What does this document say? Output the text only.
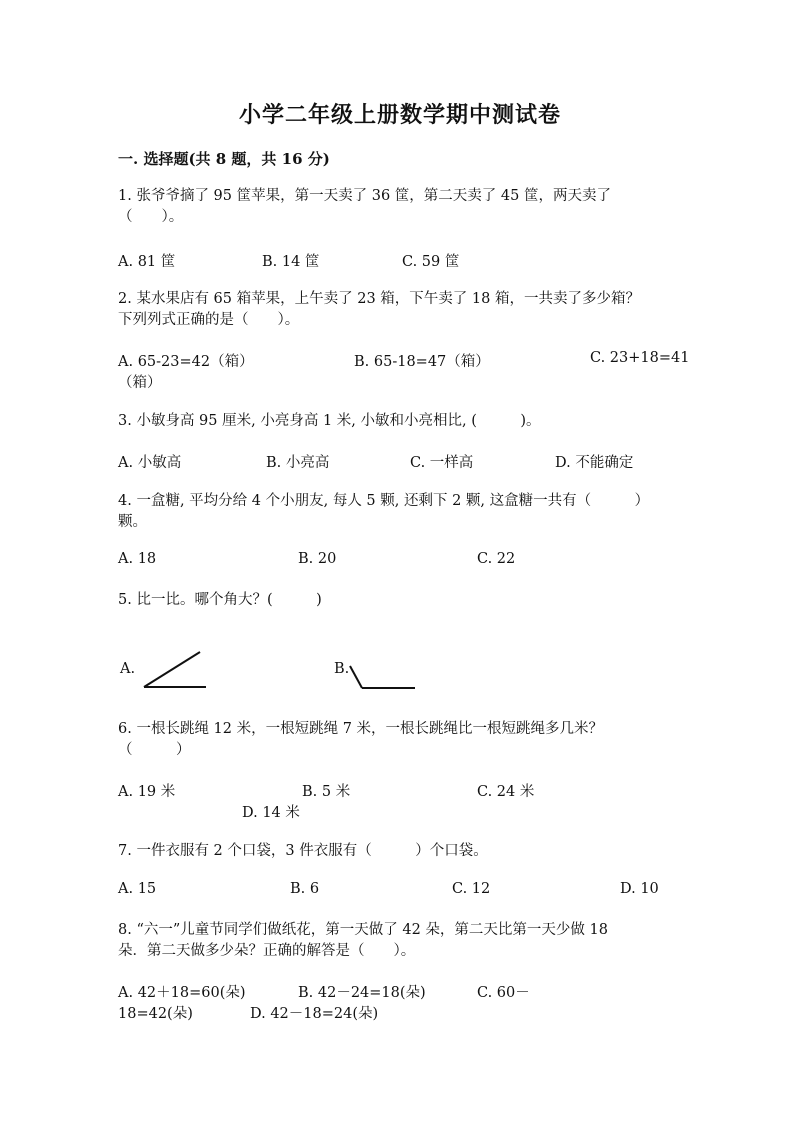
小学二年级上册数学期中测试卷
一. 选择题(共 8 题，共 16 分)
1. 张爷爷摘了 95 筐苹果，第一天卖了 36 筐，第二天卖了 45 筐，两天卖了
（　　）。
A. 81 筐	B. 14 筐	C. 59 筐
2. 某水果店有 65 箱苹果，上午卖了 23 箱，下午卖了 18 箱，一共卖了多少箱？
下列列式正确的是（　　）。
A. 65-23=42（箱）	B. 65-18=47（箱）	C. 23+18=41
（箱）
3. 小敏身高 95 厘米, 小亮身高 1 米, 小敏和小亮相比, (　　　)。
A. 小敏高	B. 小亮高	C. 一样高	D. 不能确定
4. 一盒糖, 平均分给 4 个小朋友, 每人 5 颗, 还剩下 2 颗, 这盒糖一共有（　　　）
颗。
A. 18	B. 20	C. 22
5. 比一比。哪个角大？(　　　)
A.	B.
6. 一根长跳绳 12 米，一根短跳绳 7 米，一根长跳绳比一根短跳绳多几米？
（　　　）
A. 19 米	B. 5 米	C. 24 米
D. 14 米
7. 一件衣服有 2 个口袋，3 件衣服有（　　　）个口袋。
A. 15	B. 6	C. 12	D. 10
8. “六一”儿童节同学们做纸花，第一天做了 42 朵，第二天比第一天少做 18
朵．第二天做多少朵？正确的解答是（　　）。
A. 42＋18=60(朵)	B. 42－24=18(朵)	C. 60－
18=42(朵)	D. 42－18=24(朵)
